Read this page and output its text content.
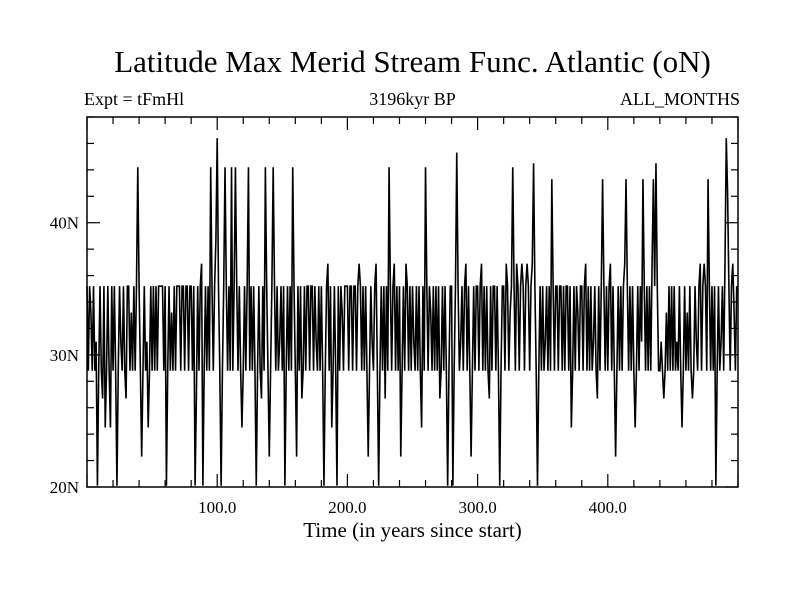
Latitude Max Merid Stream Func. Atlantic (oN)
Expt = tFmHl	3196kyr BP	ALL_MONTHS
100.0	200.0	300.0	400.0
20N
30N
40N
Time (in years since start)
